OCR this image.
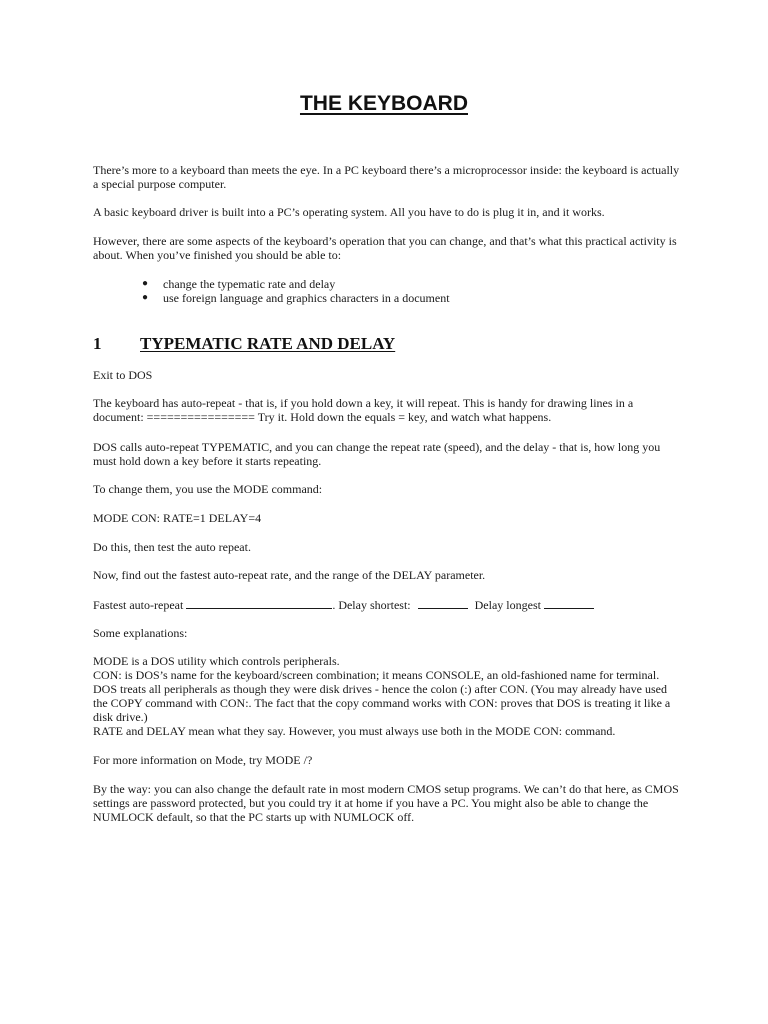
THE KEYBOARD

There’s more to a keyboard than meets the eye. In a PC keyboard there’s a microprocessor inside: the keyboard is actually a special purpose computer.

A basic keyboard driver is built into a PC’s operating system. All you have to do is plug it in, and it works.

However, there are some aspects of the keyboard’s operation that you can change, and that’s what this practical activity is about. When you’ve finished you should be able to:

● change the typematic rate and delay
● use foreign language and graphics characters in a document
1 TYPEMATIC RATE AND DELAY

Exit to DOS

The keyboard has auto-repeat - that is, if you hold down a key, it will repeat. This is handy for drawing lines in a document: ================ Try it. Hold down the equals = key, and watch what happens.

DOS calls auto-repeat TYPEMATIC, and you can change the repeat rate (speed), and the delay - that is, how long you must hold down a key before it starts repeating.

To change them, you use the MODE command:

MODE CON: RATE=1 DELAY=4

Do this, then test the auto repeat.

Now, find out the fastest auto-repeat rate, and the range of the DELAY parameter.

Fastest auto-repeat	. Delay shortest:	Delay longest

Some explanations:

MODE is a DOS utility which controls peripherals.

CON: is DOS’s name for the keyboard/screen combination; it means CONSOLE, an old-fashioned name for terminal. DOS treats all peripherals as though they were disk drives - hence the colon (:) after CON. (You may already have used the COPY command with CON:. The fact that the copy command works with CON: proves that DOS is treating it like a disk drive.)

RATE and DELAY mean what they say. However, you must always use both in the MODE CON: command.

For more information on Mode, try MODE /?

By the way: you can also change the default rate in most modern CMOS setup programs. We can’t do that here, as CMOS settings are password protected, but you could try it at home if you have a PC. You might also be able to change the NUMLOCK default, so that the PC starts up with NUMLOCK off.
